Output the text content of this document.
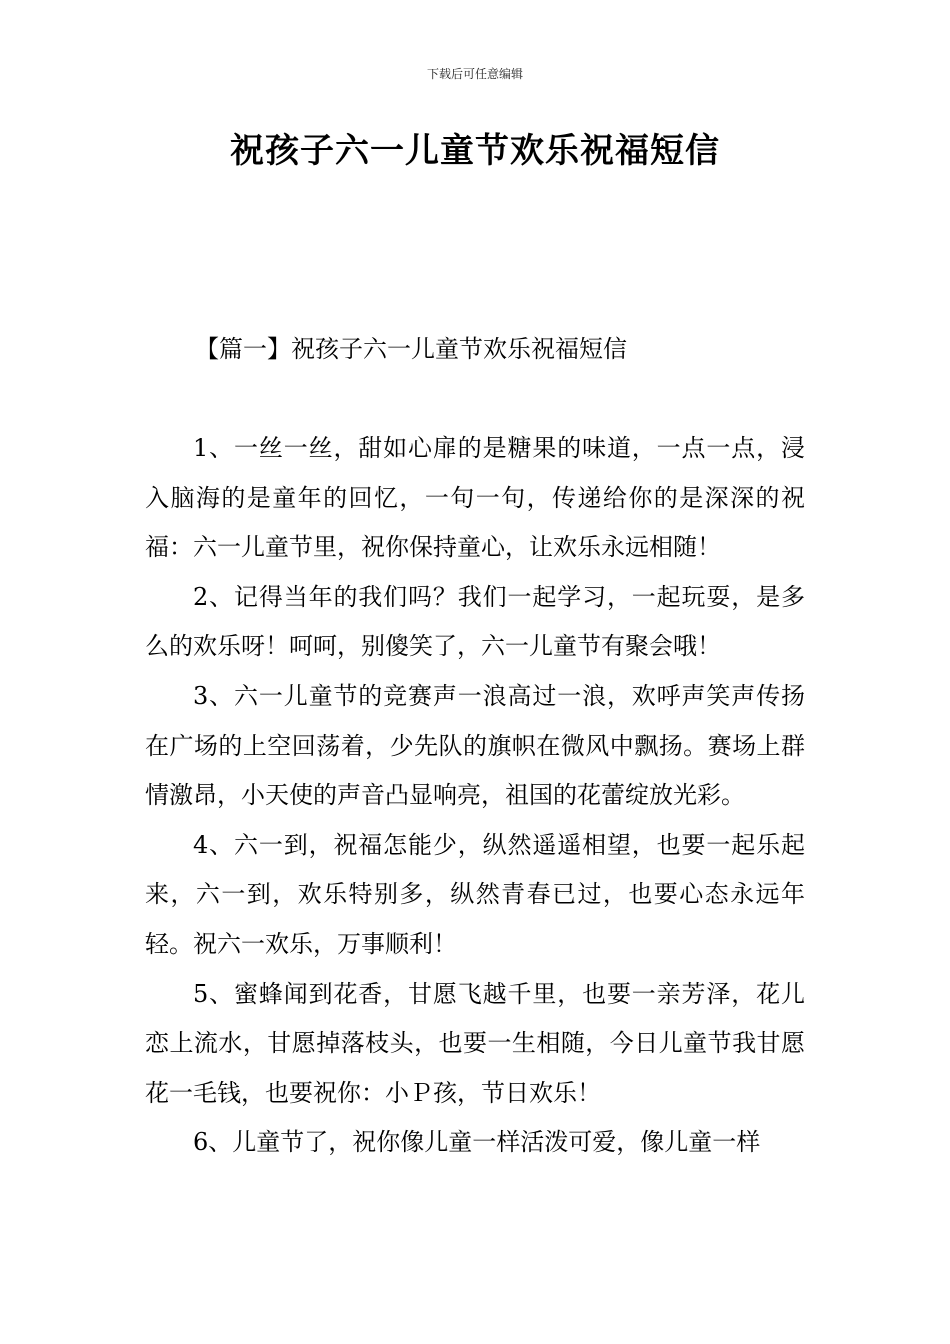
下载后可任意编辑
祝孩子六一儿童节欢乐祝福短信
【篇一】祝孩子六一儿童节欢乐祝福短信

1、一丝一丝，甜如心扉的是糖果的味道，一点一点，浸入脑海的是童年的回忆，一句一句，传递给你的是深深的祝福：六一儿童节里，祝你保持童心，让欢乐永远相随！

2、记得当年的我们吗？我们一起学习，一起玩耍，是多么的欢乐呀！呵呵，别傻笑了，六一儿童节有聚会哦！

3、六一儿童节的竞赛声一浪高过一浪，欢呼声笑声传扬在广场的上空回荡着，少先队的旗帜在微风中飘扬。赛场上群情激昂，小天使的声音凸显响亮，祖国的花蕾绽放光彩。

4、六一到，祝福怎能少，纵然遥遥相望，也要一起乐起来，六一到，欢乐特别多，纵然青春已过，也要心态永远年轻。祝六一欢乐，万事顺利！

5、蜜蜂闻到花香，甘愿飞越千里，也要一亲芳泽，花儿恋上流水，甘愿掉落枝头，也要一生相随，今日儿童节我甘愿花一毛钱，也要祝你：小Ｐ孩，节日欢乐！

6、儿童节了，祝你像儿童一样活泼可爱，像儿童一样
